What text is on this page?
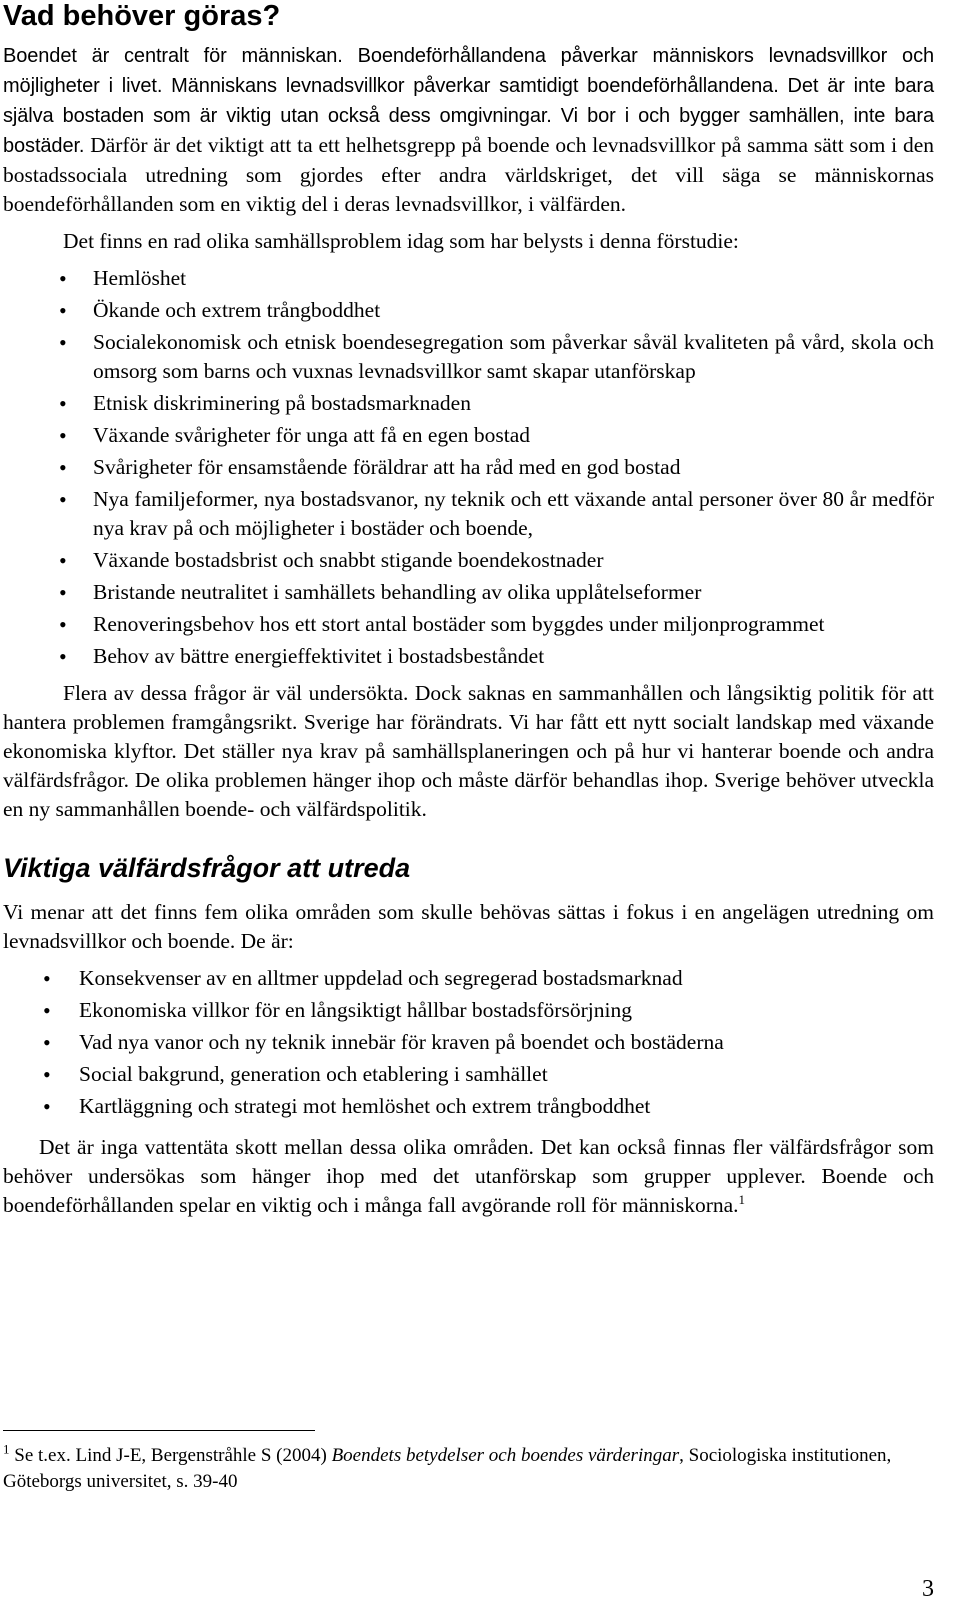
Vad behöver göras?

Boendet är centralt för människan. Boendeförhållandena påverkar människors levnadsvillkor och möjligheter i livet. Människans levnadsvillkor påverkar samtidigt boendeförhållandena. Det är inte bara själva bostaden som är viktig utan också dess omgivningar. Vi bor i och bygger samhällen, inte bara bostäder. Därför är det viktigt att ta ett helhetsgrepp på boende och levnadsvillkor på samma sätt som i den bostadssociala utredning som gjordes efter andra världskriget, det vill säga se människornas boendeförhållanden som en viktig del i deras levnadsvillkor, i välfärden.

Det finns en rad olika samhällsproblem idag som har belysts i denna förstudie:

• Hemlöshet
• Ökande och extrem trångboddhet
• Socialekonomisk och etnisk boendesegregation som påverkar såväl kvaliteten på vård, skola och omsorg som barns och vuxnas levnadsvillkor samt skapar utanförskap
• Etnisk diskriminering på bostadsmarknaden
• Växande svårigheter för unga att få en egen bostad
• Svårigheter för ensamstående föräldrar att ha råd med en god bostad
• Nya familjeformer, nya bostadsvanor, ny teknik och ett växande antal personer över 80 år medför nya krav på och möjligheter i bostäder och boende,
• Växande bostadsbrist och snabbt stigande boendekostnader
• Bristande neutralitet i samhällets behandling av olika upplåtelseformer
• Renoveringsbehov hos ett stort antal bostäder som byggdes under miljonprogrammet
• Behov av bättre energieffektivitet i bostadsbeståndet

Flera av dessa frågor är väl undersökta. Dock saknas en sammanhållen och långsiktig politik för att hantera problemen framgångsrikt. Sverige har förändrats. Vi har fått ett nytt socialt landskap med växande ekonomiska klyftor. Det ställer nya krav på samhällsplaneringen och på hur vi hanterar boende och andra välfärdsfrågor. De olika problemen hänger ihop och måste därför behandlas ihop. Sverige behöver utveckla en ny sammanhållen boende- och välfärdspolitik.

Viktiga välfärdsfrågor att utreda

Vi menar att det finns fem olika områden som skulle behövas sättas i fokus i en angelägen utredning om levnadsvillkor och boende. De är:

• Konsekvenser av en alltmer uppdelad och segregerad bostadsmarknad
• Ekonomiska villkor för en långsiktigt hållbar bostadsförsörjning
• Vad nya vanor och ny teknik innebär för kraven på boendet och bostäderna
• Social bakgrund, generation och etablering i samhället
• Kartläggning och strategi mot hemlöshet och extrem trångboddhet

Det är inga vattentäta skott mellan dessa olika områden. Det kan också finnas fler välfärdsfrågor som behöver undersökas som hänger ihop med det utanförskap som grupper upplever. Boende och boendeförhållanden spelar en viktig och i många fall avgörande roll för människorna.$^1$

$^1$ Se t.ex. Lind J-E, Bergenstråhle S (2004) Boendets betydelser och boendes värderingar, Sociologiska institutionen, Göteborgs universitet, s. 39-40
3
